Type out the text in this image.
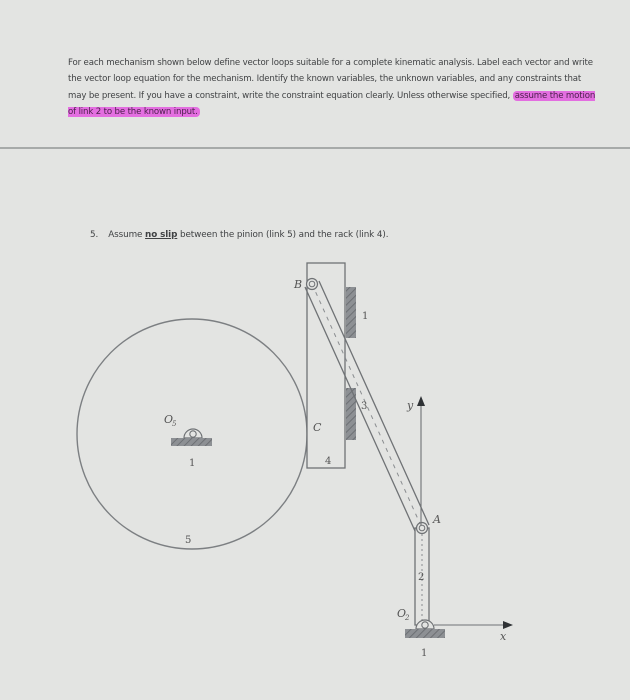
For each mechanism shown below define vector loops suitable for a complete kinematic analysis. Label each vector and write the vector loop equation for the mechanism. Identify the known variables, the unknown variables, and any constraints that may be present. If you have a constraint, write the constraint equation clearly. Unless otherwise specified, assume the motion of link 2 to be the known input.
5. Assume no slip between the pinion (link 5) and the rack (link 4).
O
5
1
5
C
4
1
3
B
2
A
y
O
2
1
x
